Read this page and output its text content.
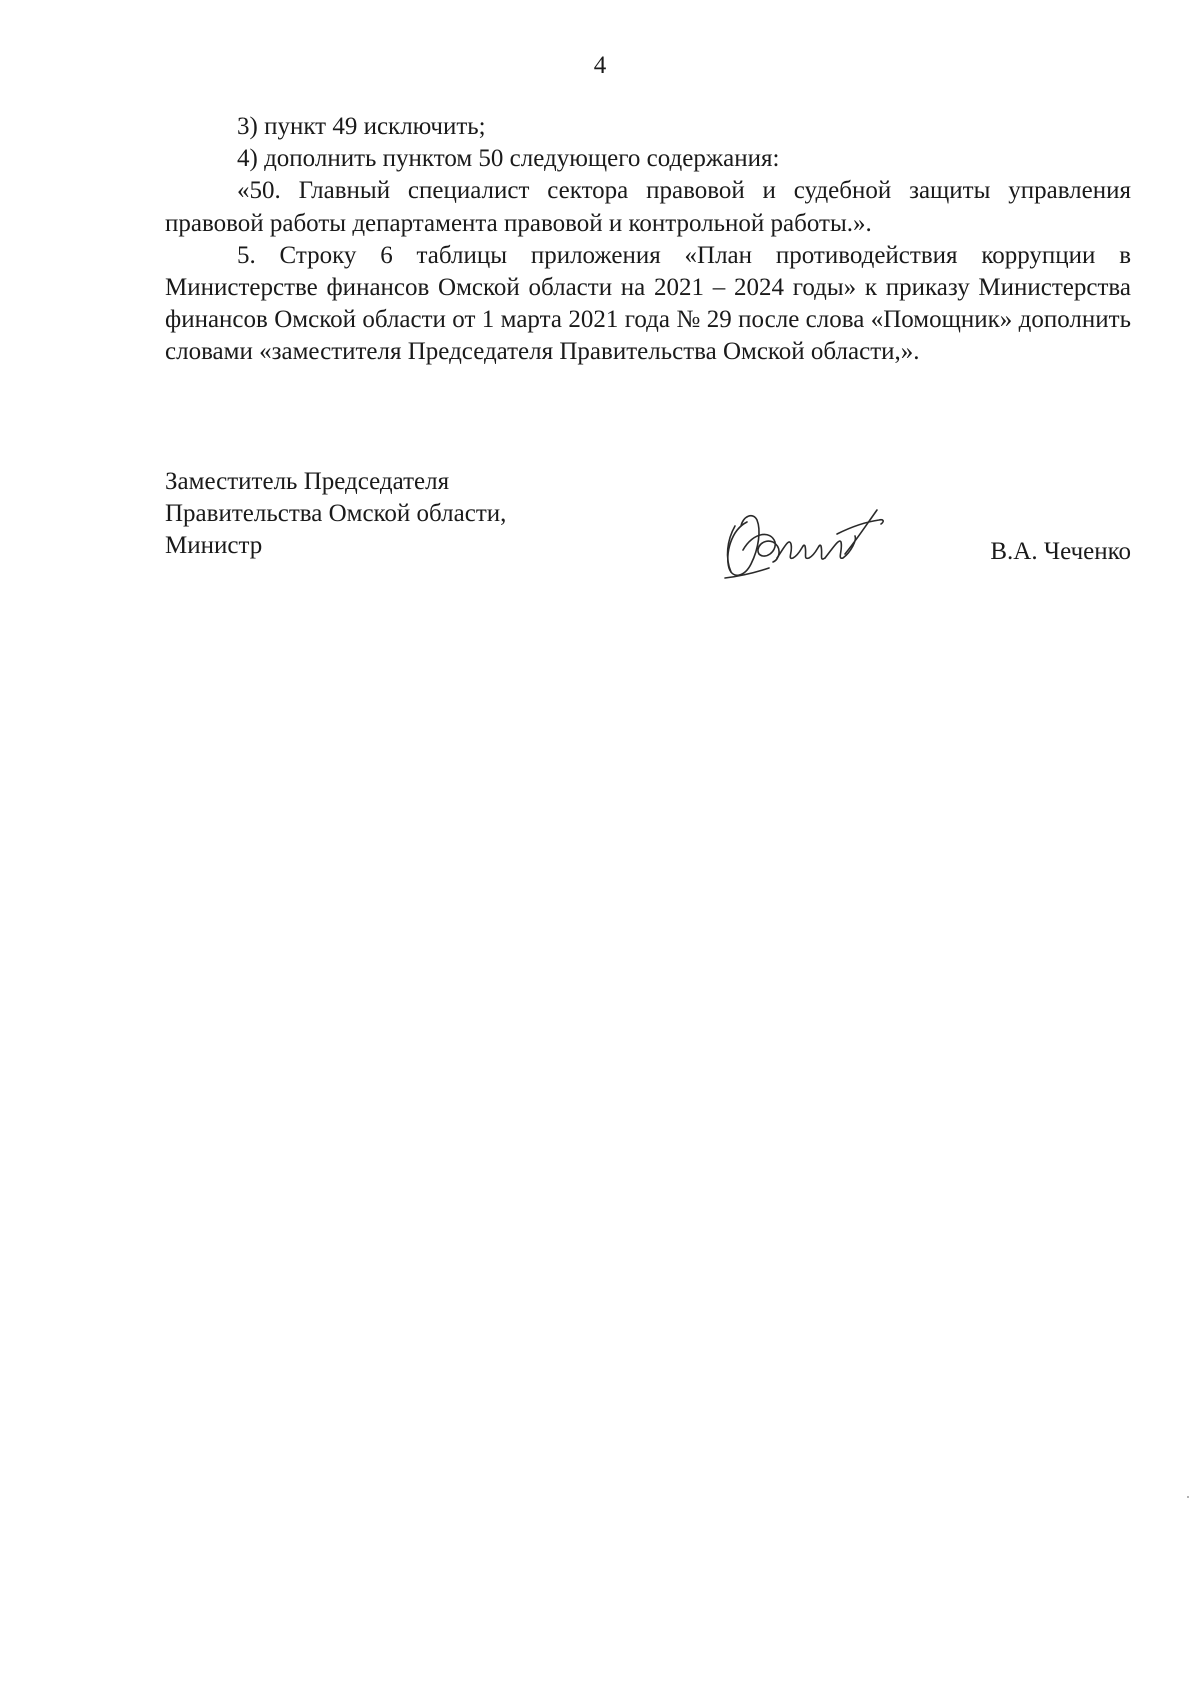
4

3) пункт 49 исключить;

4) дополнить пунктом 50 следующего содержания:

«50. Главный специалист сектора правовой и судебной защиты управления правовой работы департамента правовой и контрольной работы.».

5. Строку 6 таблицы приложения «План противодействия коррупции в Министерстве финансов Омской области на 2021 – 2024 годы» к приказу Министерства финансов Омской области от 1 марта 2021 года № 29 после слова «Помощник» дополнить словами «заместителя Председателя Правительства Омской области,».

Заместитель Председателя
Правительства Омской области,
Министр	В.А. Чеченко
